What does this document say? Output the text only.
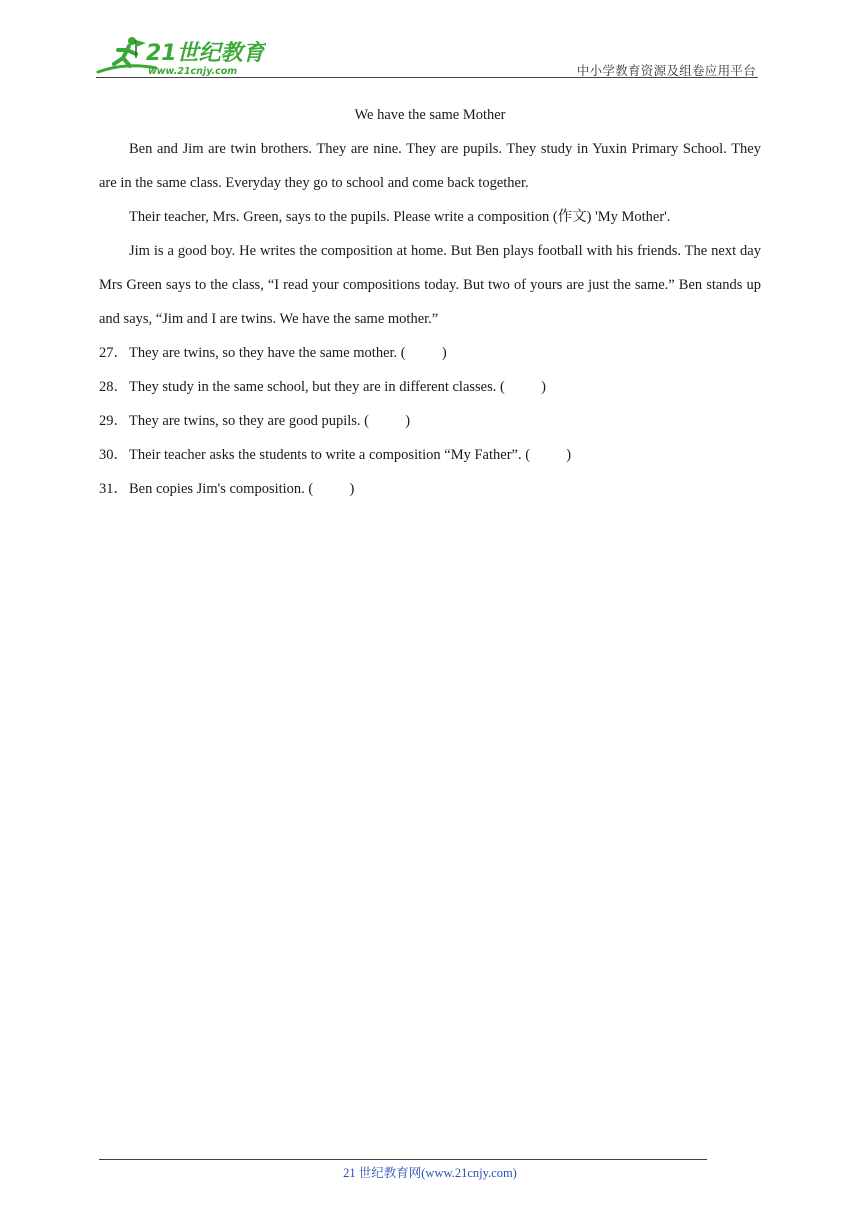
21世纪教育
www.21cnjy.com	中小学教育资源及组卷应用平台

We have the same Mother

Ben and Jim are twin brothers. They are nine. They are pupils. They study in Yuxin Primary School. They are in the same class. Everyday they go to school and come back together.

Their teacher, Mrs. Green, says to the pupils. Please write a composition (作文) 'My Mother'.

Jim is a good boy. He writes the composition at home. But Ben plays football with his friends. The next day Mrs Green says to the class, “I read your compositions today. But two of yours are just the same.” Ben stands up and says, “Jim and I are twins. We have the same mother.”

27． They are twins, so they have the same mother. (          )

28． They study in the same school, but they are in different classes. (          )

29． They are twins, so they are good pupils. (          )

30． Their teacher asks the students to write a composition “My Father”. (          )

31． Ben copies Jim's composition. (          )

21 世纪教育网(www.21cnjy.com)
